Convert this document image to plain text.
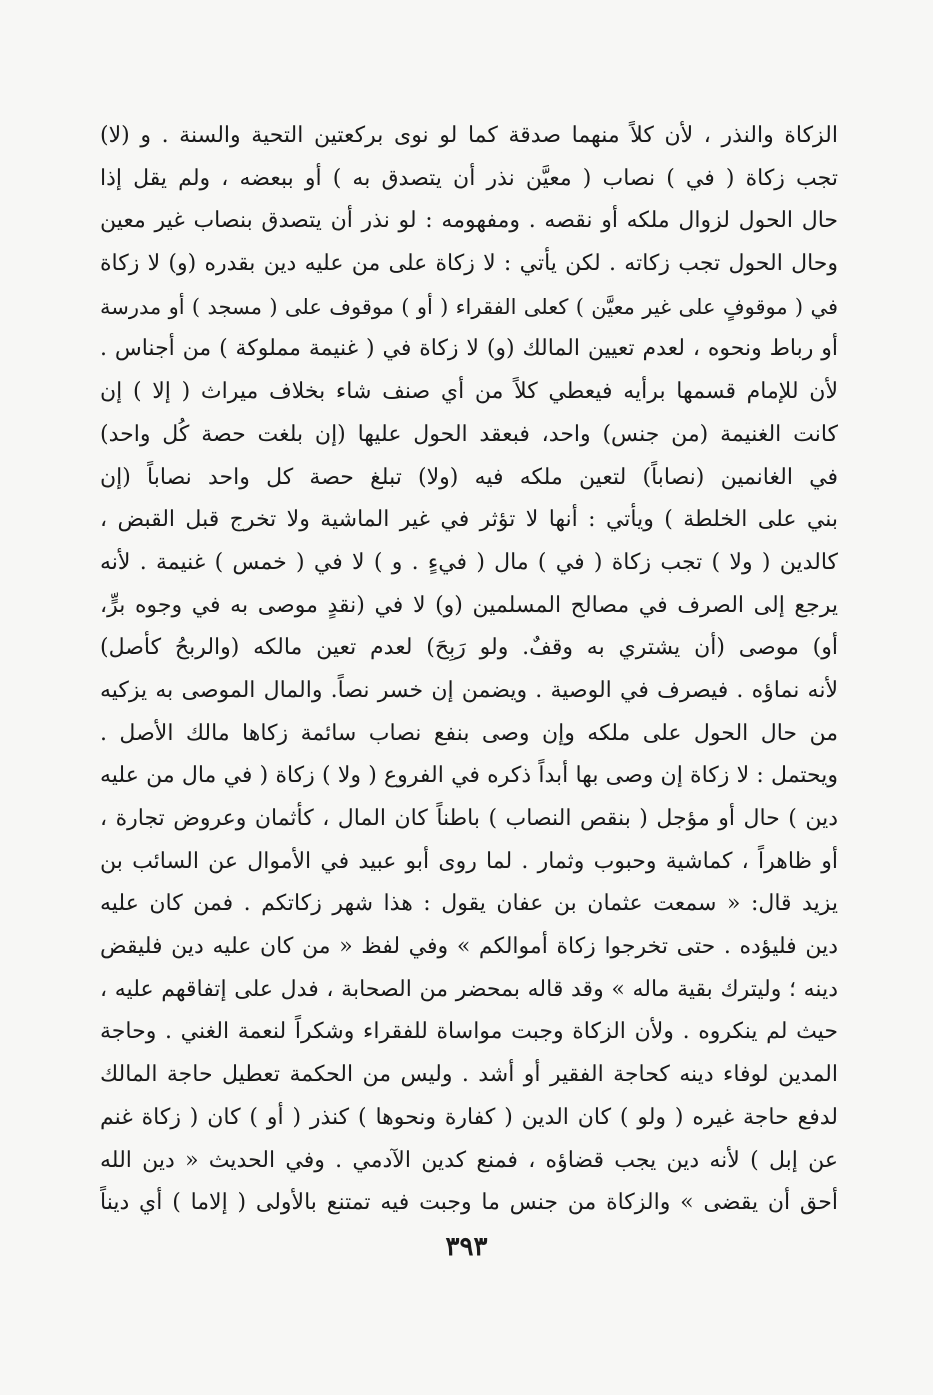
الزكاة والنذر ، لأن كلاً منهما صدقة كما لو نوى بركعتين التحية والسنة . و (لا)
تجب زكاة ( في ) نصاب ( معيَّن نذر أن يتصدق به ) أو ببعضه ، ولم يقل إذا
حال الحول لزوال ملكه أو نقصه . ومفهومه : لو نذر أن يتصدق بنصاب غير معين
وحال الحول تجب زكاته . لكن يأتي : لا زكاة على من عليه دين بقدره (و) لا زكاة
في ( موقوفٍ على غير معيَّن ) كعلى الفقراء ( أو ) موقوف على ( مسجد ) أو مدرسة
أو رباط ونحوه ، لعدم تعيين المالك (و) لا زكاة في ( غنيمة مملوكة ) من أجناس .
لأن للإمام قسمها برأيه فيعطي كلاً من أي صنف شاء بخلاف ميراث ( إلا ) إن
كانت الغنيمة (من جنس) واحد، فبعقد الحول عليها (إن بلغت حصة كُل واحد)
في الغانمين (نصاباً) لتعين ملكه فيه (ولا) تبلغ حصة كل واحد نصاباً (إن
بني على الخلطة ) ويأتي : أنها لا تؤثر في غير الماشية ولا تخرج قبل القبض ،
كالدين ( ولا ) تجب زكاة ( في ) مال ( فيءٍ . و ) لا في ( خمس ) غنيمة . لأنه
يرجع إلى الصرف في مصالح المسلمين (و) لا في (نقدٍ موصى به في وجوه برٍّ،
أو) موصى (أن يشتري به وقفٌ. ولو رَبِحَ) لعدم تعين مالكه (والربحُ كأصل)
لأنه نماؤه . فيصرف في الوصية . ويضمن إن خسر نصاً. والمال الموصى به يزكيه
من حال الحول على ملكه وإن وصى بنفع نصاب سائمة زكاها مالك الأصل .
ويحتمل : لا زكاة إن وصى بها أبداً ذكره في الفروع ( ولا ) زكاة ( في مال من عليه
دين ) حال أو مؤجل ( بنقص النصاب ) باطناً كان المال ، كأثمان وعروض تجارة ،
أو ظاهراً ، كماشية وحبوب وثمار . لما روى أبو عبيد في الأموال عن السائب بن
يزيد قال: « سمعت عثمان بن عفان يقول : هذا شهر زكاتكم . فمن كان عليه
دين فليؤده . حتى تخرجوا زكاة أموالكم » وفي لفظ « من كان عليه دين فليقض
دينه ؛ وليترك بقية ماله » وقد قاله بمحضر من الصحابة ، فدل على إتفاقهم عليه ،
حيث لم ينكروه . ولأن الزكاة وجبت مواساة للفقراء وشكراً لنعمة الغني . وحاجة
المدين لوفاء دينه كحاجة الفقير أو أشد . وليس من الحكمة تعطيل حاجة المالك
لدفع حاجة غيره ( ولو ) كان الدين ( كفارة ونحوها ) كنذر ( أو ) كان ( زكاة غنم
عن إبل ) لأنه دين يجب قضاؤه ، فمنع كدين الآدمي . وفي الحديث « دين الله
أحق أن يقضى » والزكاة من جنس ما وجبت فيه تمتنع بالأولى ( إلاما ) أي ديناً
٣٩٣
